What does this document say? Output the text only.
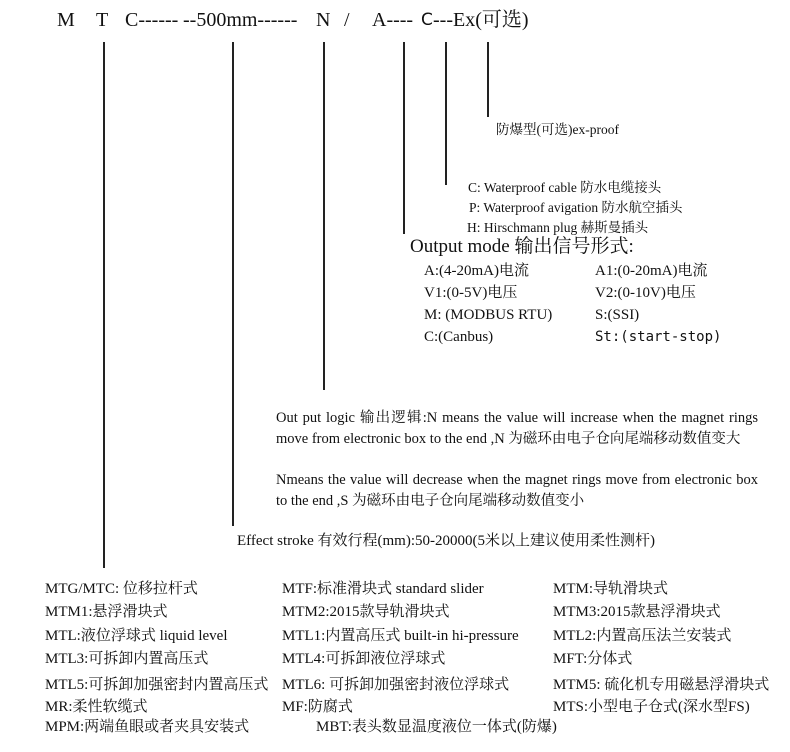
M T C------ --500mm------ N / A---- C ---Ex(可选)
防爆型(可选)ex-proof
C: Waterproof cable 防水电缆接头
P: Waterproof avigation 防水航空插头
H: Hirschmann plug 赫斯曼插头
Output mode 输出信号形式:
A:(4-20mA)电流	A1:(0-20mA)电流
V1:(0-5V)电压	V2:(0-10V)电压
M: (MODBUS RTU)	S:(SSI)
C:(Canbus)	St:(start-stop)
Out put logic 输出逻辑:N means the value will increase when the magnet rings move from electronic box to the end ,N 为磁环由电子仓向尾端移动数值变大
Nmeans the value will decrease when the magnet rings move from electronic box to the end ,S 为磁环由电子仓向尾端移动数值变小
Effect stroke 有效行程(mm):50-20000(5米以上建议使用柔性测杆)
MTG/MTC: 位移拉杆式	MTF:标准滑块式 standard slider	MTM:导轨滑块式
MTM1:悬浮滑块式	MTM2:2015款导轨滑块式	MTM3:2015款悬浮滑块式
MTL:液位浮球式 liquid level	MTL1:内置高压式 built-in hi-pressure MTL2:内置高压法兰安装式
MTL3:可拆卸内置高压式	MTL4:可拆卸液位浮球式	MFT:分体式
MTL5:可拆卸加强密封内置高压式 MTL6: 可拆卸加强密封液位浮球式	MTM5: 硫化机专用磁悬浮滑块式
MR:柔性软缆式	MF:防腐式	MTS:小型电子仓式(深水型FS)
MPM:两端鱼眼或者夹具安装式	MBT:表头数显温度液位一体式(防爆)
